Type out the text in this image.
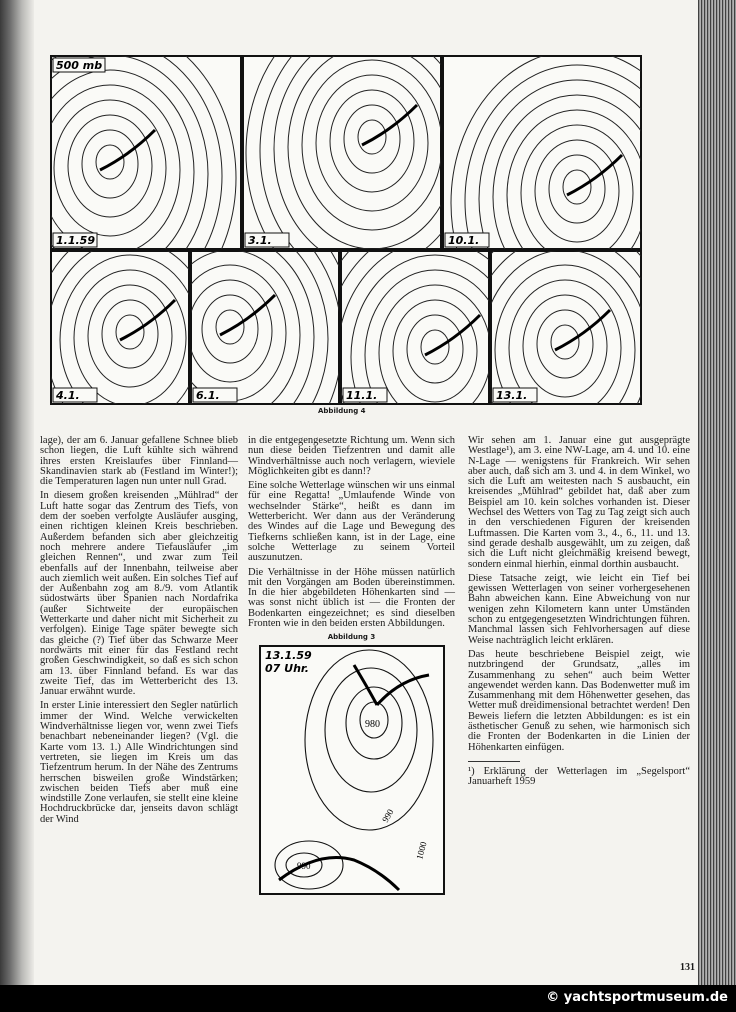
1.1.59
500 mb
3.1.	10.1.
4.1.	6.1.	11.1.	13.1.
Abbildung 4

lage), der am 6. Januar gefallene Schnee blieb schon liegen, die Luft kühlte sich während ihres ersten Kreislaufes über Finnland—Skandinavien stark ab (Festland im Winter!); die Temperaturen lagen nun unter null Grad.

In diesem großen kreisenden „Mühlrad“ der Luft hatte sogar das Zentrum des Tiefs, von dem der soeben verfolgte Ausläufer ausging, einen richtigen kleinen Kreis beschrieben. Außerdem befanden sich aber gleichzeitig noch mehrere andere Tiefausläufer „im gleichen Rennen“, und zwar zum Teil ebenfalls auf der Innenbahn, teilweise aber auch ziemlich weit außen. Ein solches Tief auf der Außenbahn zog am 8./9. vom Atlantik südostwärts über Spanien nach Nordafrika (außer Sichtweite der europäischen Wetterkarte und daher nicht mit Sicherheit zu verfolgen). Einige Tage später bewegte sich das gleiche (?) Tief über das Schwarze Meer nordwärts mit einer für das Festland recht großen Geschwindigkeit, so daß es sich schon am 13. über Finnland befand. Es war das zweite Tief, das im Wetterbericht des 13. Januar erwähnt wurde.

In erster Linie interessiert den Segler natürlich immer der Wind. Welche verwickelten Windverhältnisse liegen vor, wenn zwei Tiefs benachbart nebeneinander liegen? (Vgl. die Karte vom 13. 1.) Alle Windrichtungen sind vertreten, sie liegen im Kreis um das Tiefzentrum herum. In der Nähe des Zentrums herrschen bisweilen große Windstärken; zwischen beiden Tiefs aber muß eine windstille Zone verlaufen, sie stellt eine kleine Hochdruckbrücke dar, jenseits davon schlägt der Wind

in die entgegengesetzte Richtung um. Wenn sich nun diese beiden Tiefzentren und damit alle Windverhältnisse auch noch verlagern, wieviele Möglichkeiten gibt es dann!?

Eine solche Wetterlage wünschen wir uns einmal für eine Regatta! „Umlaufende Winde von wechselnder Stärke“, heißt es dann im Wetterbericht. Wer dann aus der Veränderung des Windes auf die Lage und Bewegung des Tiefkerns schließen kann, ist in der Lage, eine solche Wetterlage zu seinem Vorteil auszunutzen.

Die Verhältnisse in der Höhe müssen natürlich mit den Vorgängen am Boden übereinstimmen. In die hier abgebildeten Höhenkarten sind — was sonst nicht üblich ist — die Fronten der Bodenkarten eingezeichnet; es sind dieselben Fronten wie in den beiden ersten Abbildungen.

Abbildung 3
13.1.59
07 Uhr.
980
990
1000
990

Wir sehen am 1. Januar eine gut ausgeprägte Westlage¹), am 3. eine NW-Lage, am 4. und 10. eine N-Lage — wenigstens für Frankreich. Wir sehen aber auch, daß sich am 3. und 4. in dem Winkel, wo sich die Luft am weitesten nach S ausbaucht, ein kreisendes „Mühlrad“ gebildet hat, daß aber zum Beispiel am 10. kein solches vorhanden ist. Dieser Wechsel des Wetters von Tag zu Tag zeigt sich auch in den verschiedenen Figuren der kreisenden Luftmassen. Die Karten vom 3., 4., 6., 11. und 13. sind gerade deshalb ausgewählt, um zu zeigen, daß sich die Luft nicht gleichmäßig kreisend bewegt, sondern einmal hierhin, einmal dorthin ausbaucht.

Diese Tatsache zeigt, wie leicht ein Tief bei gewissen Wetterlagen von seiner vorhergesehenen Bahn abweichen kann. Eine Abweichung von nur wenigen zehn Kilometern kann unter Umständen schon zu entgegengesetzten Windrichtungen führen. Manchmal lassen sich Fehlvorhersagen auf diese Weise nachträglich leicht erklären.

Das heute beschriebene Beispiel zeigt, wie nutzbringend der Grundsatz, „alles im Zusammenhang zu sehen“ auch beim Wetter angewendet werden kann. Das Bodenwetter muß im Zusammenhang mit dem Höhenwetter gesehen, das Wetter muß dreidimensional betrachtet werden! Den Beweis liefern die letzten Abbildungen: es ist ein ästhetischer Genuß zu sehen, wie harmonisch sich die Fronten der Bodenkarten in die Linien der Höhenkarten einfügen.

¹) Erklärung der Wetterlagen im „Segelsport“ Januarheft 1959
131
© yachtsportmuseum.de
